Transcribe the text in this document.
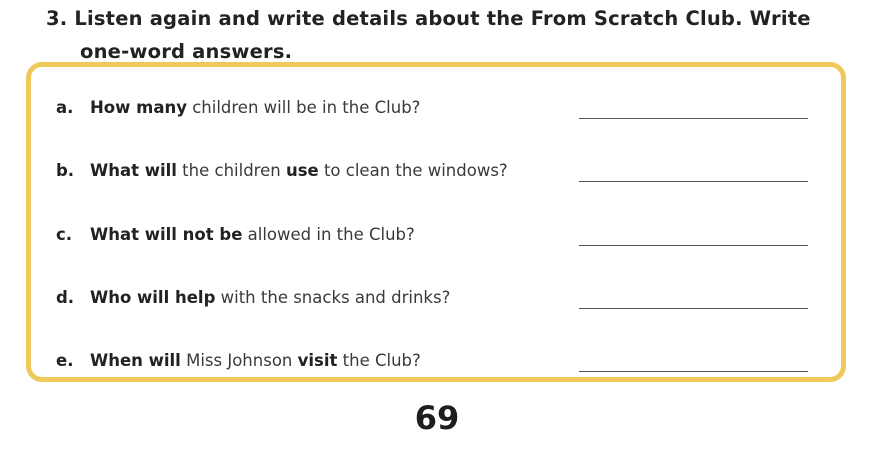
3. Listen again and write details about the From Scratch Club. Write
one-word answers.
a. How many children will be in the Club?
b. What will the children use to clean the windows?
c. What will not be allowed in the Club?
d. Who will help with the snacks and drinks?
e. When will Miss Johnson visit the Club?
69
